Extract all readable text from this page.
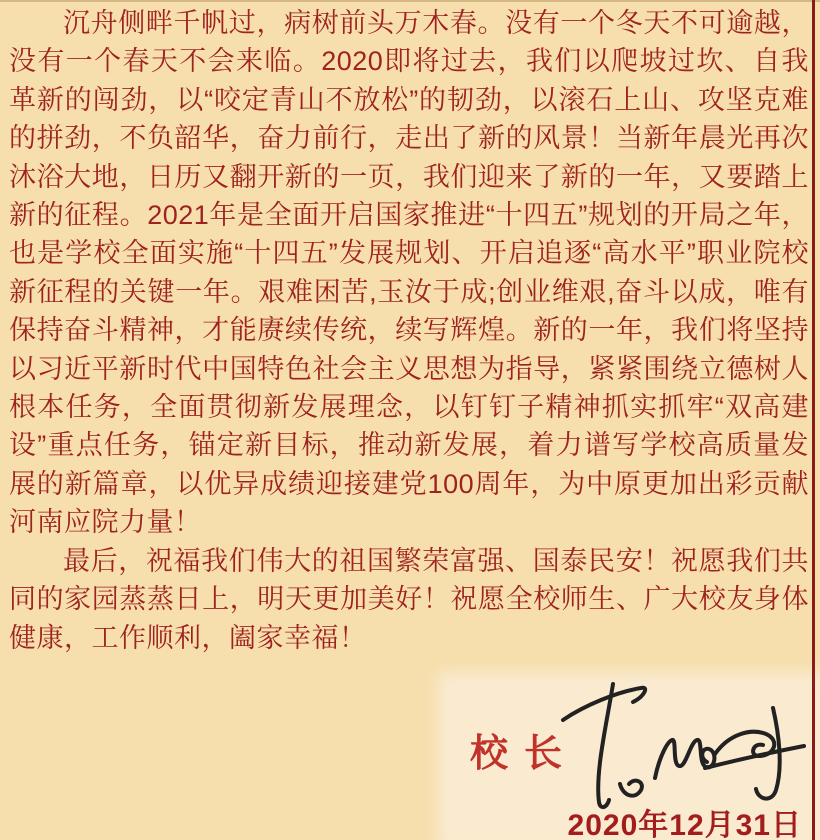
沉舟侧畔千帆过，病树前头万木春。没有一个冬天不可逾越，没有一个春天不会来临。2020即将过去，我们以爬坡过坎、自我革新的闯劲，以“咬定青山不放松”的韧劲，以滚石上山、攻坚克难的拼劲，不负韶华，奋力前行，走出了新的风景！当新年晨光再次沐浴大地，日历又翻开新的一页，我们迎来了新的一年，又要踏上新的征程。2021年是全面开启国家推进“十四五”规划的开局之年，也是学校全面实施“十四五”发展规划、开启追逐“高水平”职业院校新征程的关键一年。艰难困苦,玉汝于成;创业维艰,奋斗以成，唯有保持奋斗精神，才能赓续传统，续写辉煌。新的一年，我们将坚持以习近平新时代中国特色社会主义思想为指导，紧紧围绕立德树人根本任务，全面贯彻新发展理念，以钉钉子精神抓实抓牢“双高建设”重点任务，锚定新目标，推动新发展，着力谱写学校高质量发展的新篇章，以优异成绩迎接建党100周年，为中原更加出彩贡献河南应院力量！

最后，祝福我们伟大的祖国繁荣富强、国泰民安！祝愿我们共同的家园蒸蒸日上，明天更加美好！祝愿全校师生、广大校友身体健康，工作顺利，阖家幸福！

校长
2020年12月31日
